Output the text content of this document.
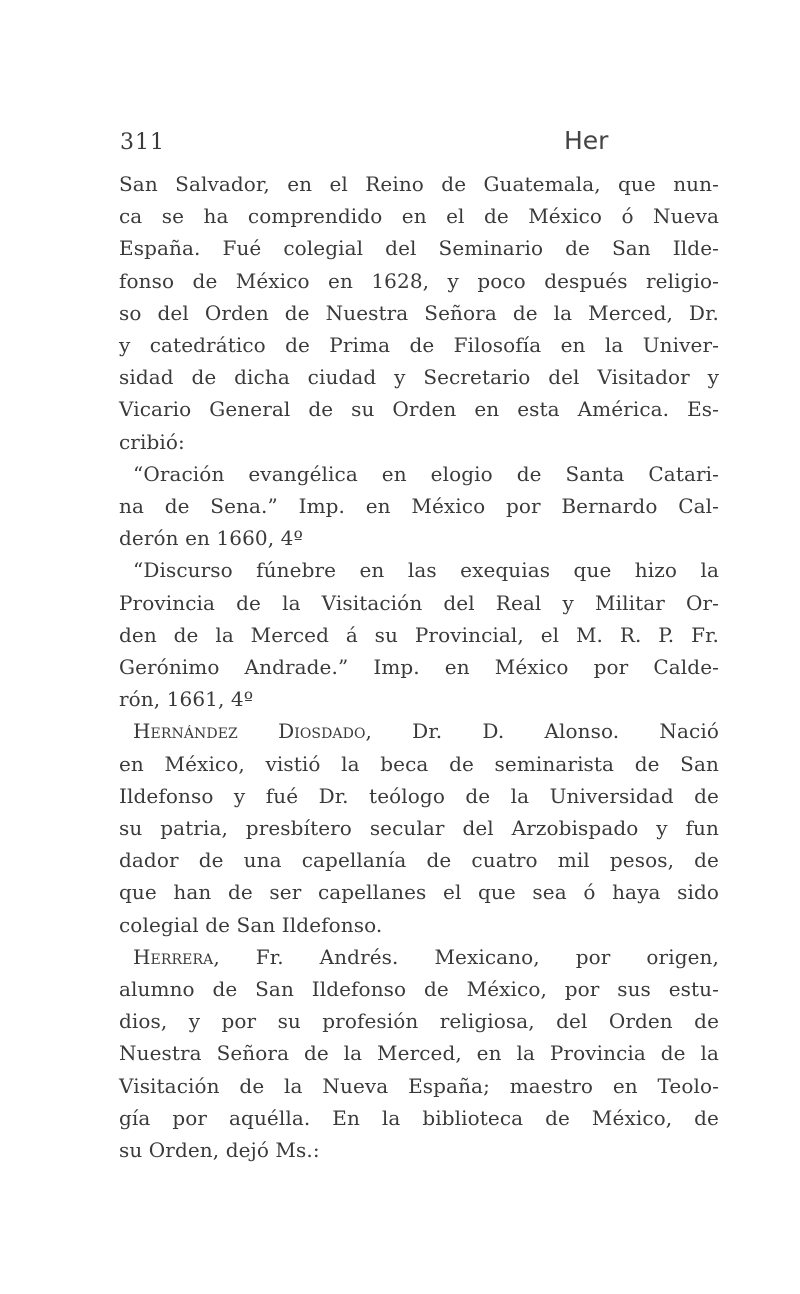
311	Her
San Salvador, en el Reino de Guatemala, que nun-
ca se ha comprendido en el de México ó Nueva
España. Fué colegial del Seminario de San Ilde-
fonso de México en 1628, y poco después religio-
so del Orden de Nuestra Señora de la Merced, Dr.
y catedrático de Prima de Filosofía en la Univer-
sidad de dicha ciudad y Secretario del Visitador y
Vicario General de su Orden en esta América. Es-
cribió:
“Oración evangélica en elogio de Santa Catari-
na de Sena.” Imp. en México por Bernardo Cal-
derón en 1660, 4º
“Discurso fúnebre en las exequias que hizo la
Provincia de la Visitación del Real y Militar Or-
den de la Merced á su Provincial, el M. R. P. Fr.
Gerónimo Andrade.” Imp. en México por Calde-
rón, 1661, 4º
Hernández Diosdado, Dr. D. Alonso. Nació
en México, vistió la beca de seminarista de San
Ildefonso y fué Dr. teólogo de la Universidad de
su patria, presbítero secular del Arzobispado y fun
dador de una capellanía de cuatro mil pesos, de
que han de ser capellanes el que sea ó haya sido
colegial de San Ildefonso.
Herrera, Fr. Andrés. Mexicano, por origen,
alumno de San Ildefonso de México, por sus estu-
dios, y por su profesión religiosa, del Orden de
Nuestra Señora de la Merced, en la Provincia de la
Visitación de la Nueva España; maestro en Teolo-
gía por aquélla. En la biblioteca de México, de
su Orden, dejó Ms.:
